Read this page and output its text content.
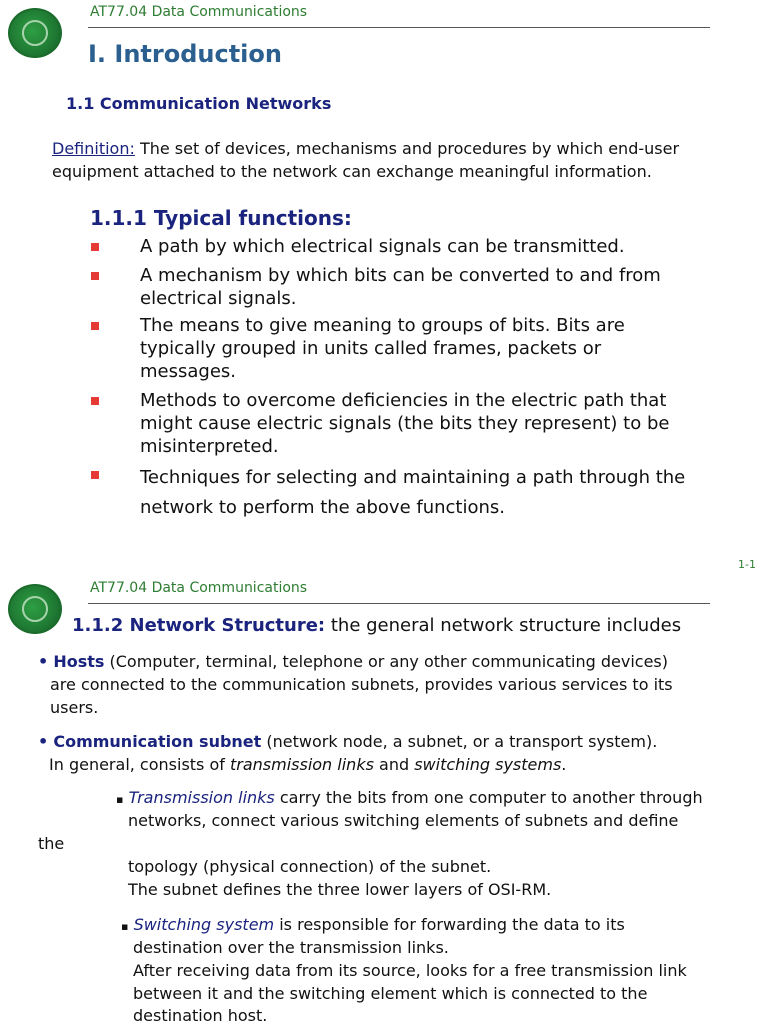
AT77.04 Data Communications
I. Introduction
1.1 Communication Networks
Definition: The set of devices, mechanisms and procedures by which end-user
equipment attached to the network can exchange meaningful information.
1.1.1 Typical functions:
A path by which electrical signals can be transmitted.
A mechanism by which bits can be converted to and from electrical signals.
The means to give meaning to groups of bits. Bits are typically grouped in units called frames, packets or messages.
Methods to overcome deficiencies in the electric path that might cause electric signals (the bits they represent) to be misinterpreted.
Techniques for selecting and maintaining a path through the network to perform the above functions.
1-1
AT77.04 Data Communications
1.1.2 Network Structure: the general network structure includes
• Hosts (Computer, terminal, telephone or any other communicating devices)
are connected to the communication subnets, provides various services to its
users.
• Communication subnet (network node, a subnet, or a transport system).
In general, consists of transmission links and switching systems.
▪ Transmission links carry the bits from one computer to another through
networks, connect various switching elements of subnets and define
the
topology (physical connection) of the subnet.
The subnet defines the three lower layers of OSI-RM.
▪ Switching system is responsible for forwarding the data to its
destination over the transmission links.
After receiving data from its source, looks for a free transmission link
between it and the switching element which is connected to the
destination host.
